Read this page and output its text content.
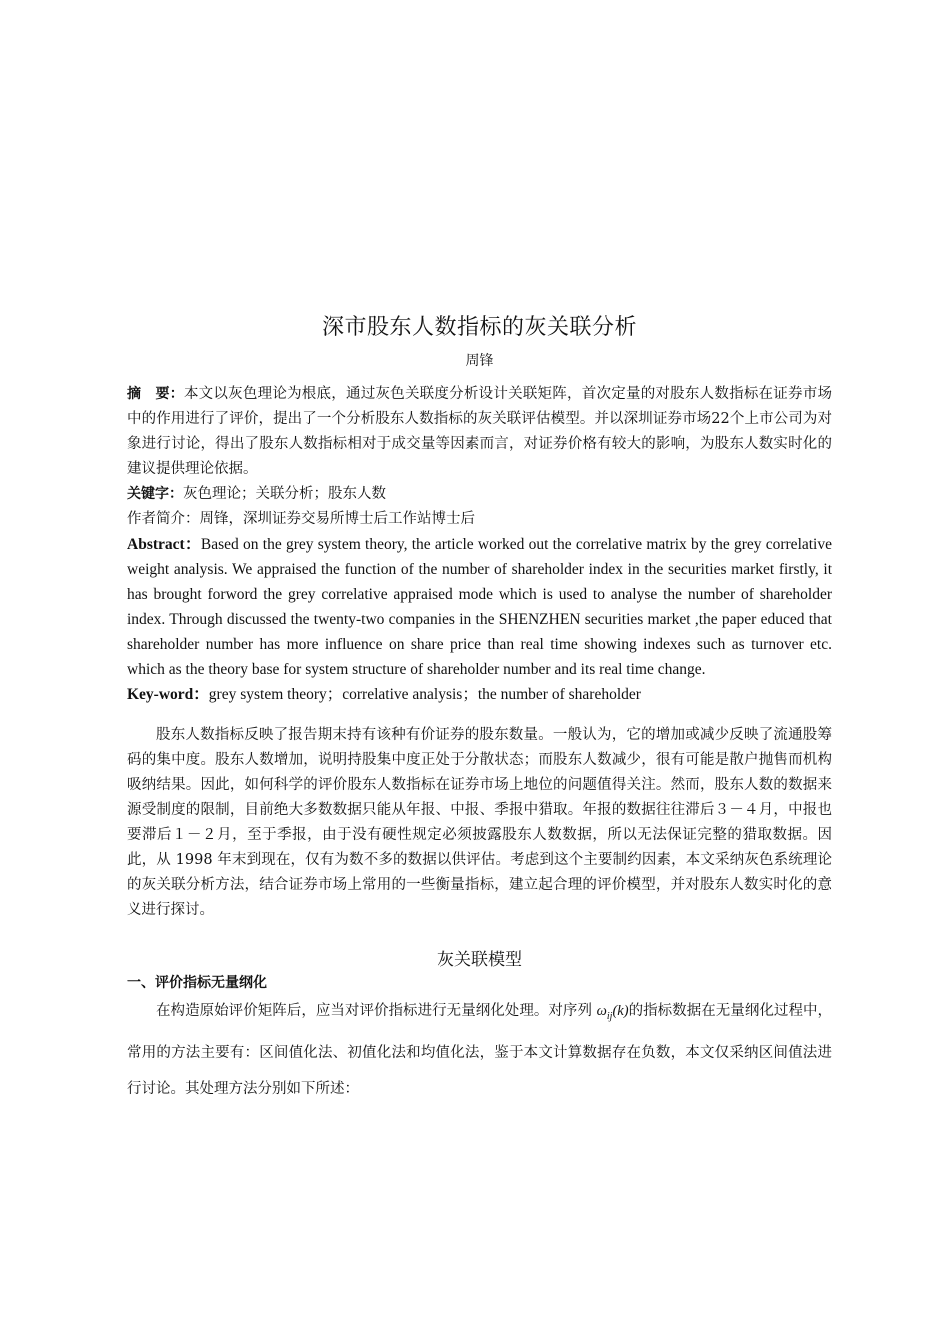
深市股东人数指标的灰关联分析
周锋

摘　要：本文以灰色理论为根底，通过灰色关联度分析设计关联矩阵，首次定量的对股东人数指标在证券市场中的作用进行了评价，提出了一个分析股东人数指标的灰关联评估模型。并以深圳证券市场22个上市公司为对象进行讨论，得出了股东人数指标相对于成交量等因素而言，对证券价格有较大的影响，为股东人数实时化的建议提供理论依据。

关键字：灰色理论；关联分析；股东人数

作者简介：周锋，深圳证券交易所博士后工作站博士后

Abstract：Based on the grey system theory, the article worked out the correlative matrix by the grey correlative weight analysis. We appraised the function of the number of shareholder index in the securities market firstly, it has brought forword the grey correlative appraised mode which is used to analyse the number of shareholder index. Through discussed the twenty-two companies in the SHENZHEN securities market ,the paper educed that shareholder number has more influence on share price than real time showing indexes such as turnover etc. which as the theory base for system structure of shareholder number and its real time change.

Key-word：grey system theory；correlative analysis；the number of shareholder

股东人数指标反映了报告期末持有该种有价证券的股东数量。一般认为，它的增加或减少反映了流通股筹码的集中度。股东人数增加，说明持股集中度正处于分散状态；而股东人数减少，很有可能是散户抛售而机构吸纳结果。因此，如何科学的评价股东人数指标在证券市场上地位的问题值得关注。然而，股东人数的数据来源受制度的限制，目前绝大多数数据只能从年报、中报、季报中猎取。年报的数据往往滞后３－４月，中报也要滞后１－２月，至于季报，由于没有硬性规定必须披露股东人数数据，所以无法保证完整的猎取数据。因此，从 1998 年末到现在，仅有为数不多的数据以供评估。考虑到这个主要制约因素，本文采纳灰色系统理论的灰关联分析方法，结合证券市场上常用的一些衡量指标，建立起合理的评价模型，并对股东人数实时化的意义进行探讨。

灰关联模型
一、评价指标无量纲化

在构造原始评价矩阵后，应当对评价指标进行无量纲化处理。对序列 $\omega_{ij}(k)$的指标数据在无量纲化过程中，常用的方法主要有：区间值化法、初值化法和均值化法，鉴于本文计算数据存在负数，本文仅采纳区间值法进行讨论。其处理方法分别如下所述：
